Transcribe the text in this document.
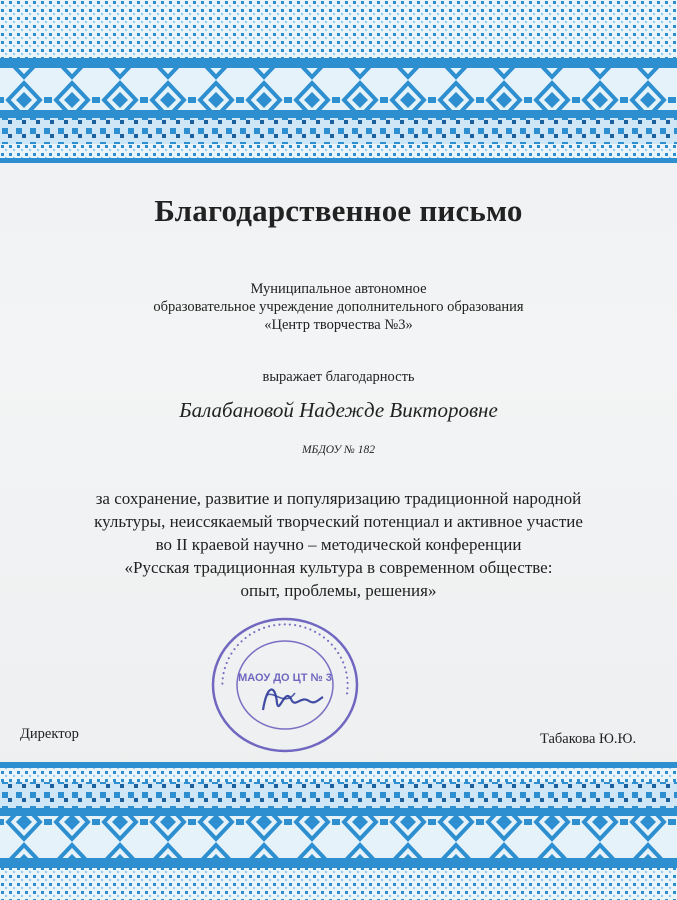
Благодарственное письмо
Муниципальное автономное
образовательное учреждение дополнительного образования
«Центр творчества №3»
выражает благодарность
Балабановой Надежде Викторовне
МБДОУ № 182
за сохранение, развитие и популяризацию традиционной народной
культуры, неиссякаемый творческий потенциал и активное участие
во II краевой научно – методической конференции
«Русская традиционная культура в современном обществе:
опыт, проблемы, решения»
• • • • • • • • • • • • • • • • • • • • • • • • • • • • • • • • • • • • • • •
МАОУ ДО ЦТ № 3
Директор	Табакова Ю.Ю.
